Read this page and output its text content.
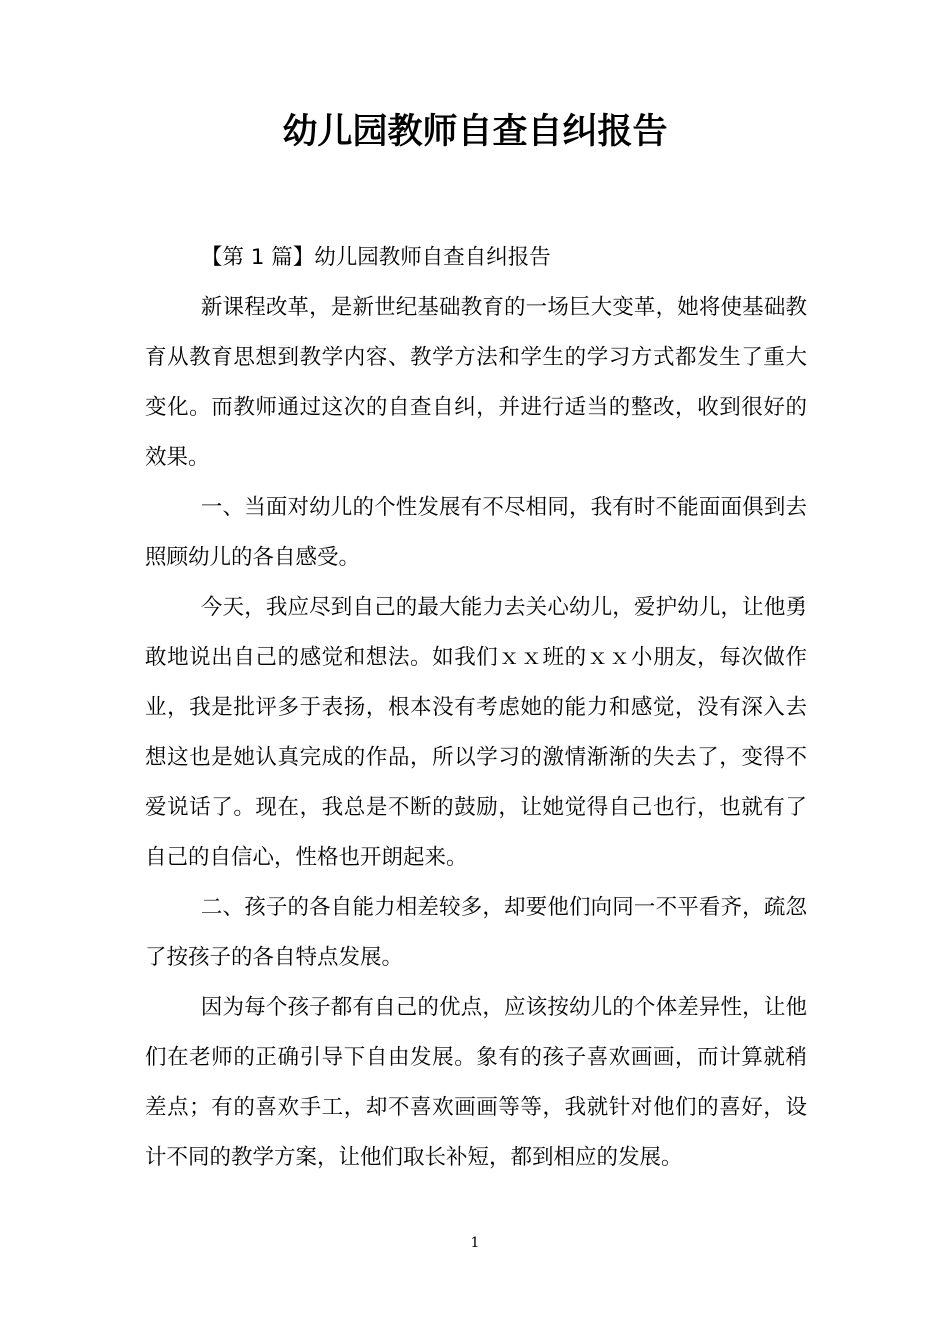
幼儿园教师自查自纠报告

【第 1 篇】幼儿园教师自查自纠报告

新课程改革，是新世纪基础教育的一场巨大变革，她将使基础教育从教育思想到教学内容、教学方法和学生的学习方式都发生了重大变化。而教师通过这次的自查自纠，并进行适当的整改，收到很好的效果。

一、当面对幼儿的个性发展有不尽相同，我有时不能面面俱到去照顾幼儿的各自感受。

今天，我应尽到自己的最大能力去关心幼儿，爱护幼儿，让他勇敢地说出自己的感觉和想法。如我们ｘｘ班的ｘｘ小朋友，每次做作业，我是批评多于表扬，根本没有考虑她的能力和感觉，没有深入去想这也是她认真完成的作品，所以学习的激情渐渐的失去了，变得不爱说话了。现在，我总是不断的鼓励，让她觉得自己也行，也就有了自己的自信心，性格也开朗起来。

二、孩子的各自能力相差较多，却要他们向同一不平看齐，疏忽了按孩子的各自特点发展。

因为每个孩子都有自己的优点，应该按幼儿的个体差异性，让他们在老师的正确引导下自由发展。象有的孩子喜欢画画，而计算就稍差点；有的喜欢手工，却不喜欢画画等等，我就针对他们的喜好，设计不同的教学方案，让他们取长补短，都到相应的发展。

1
